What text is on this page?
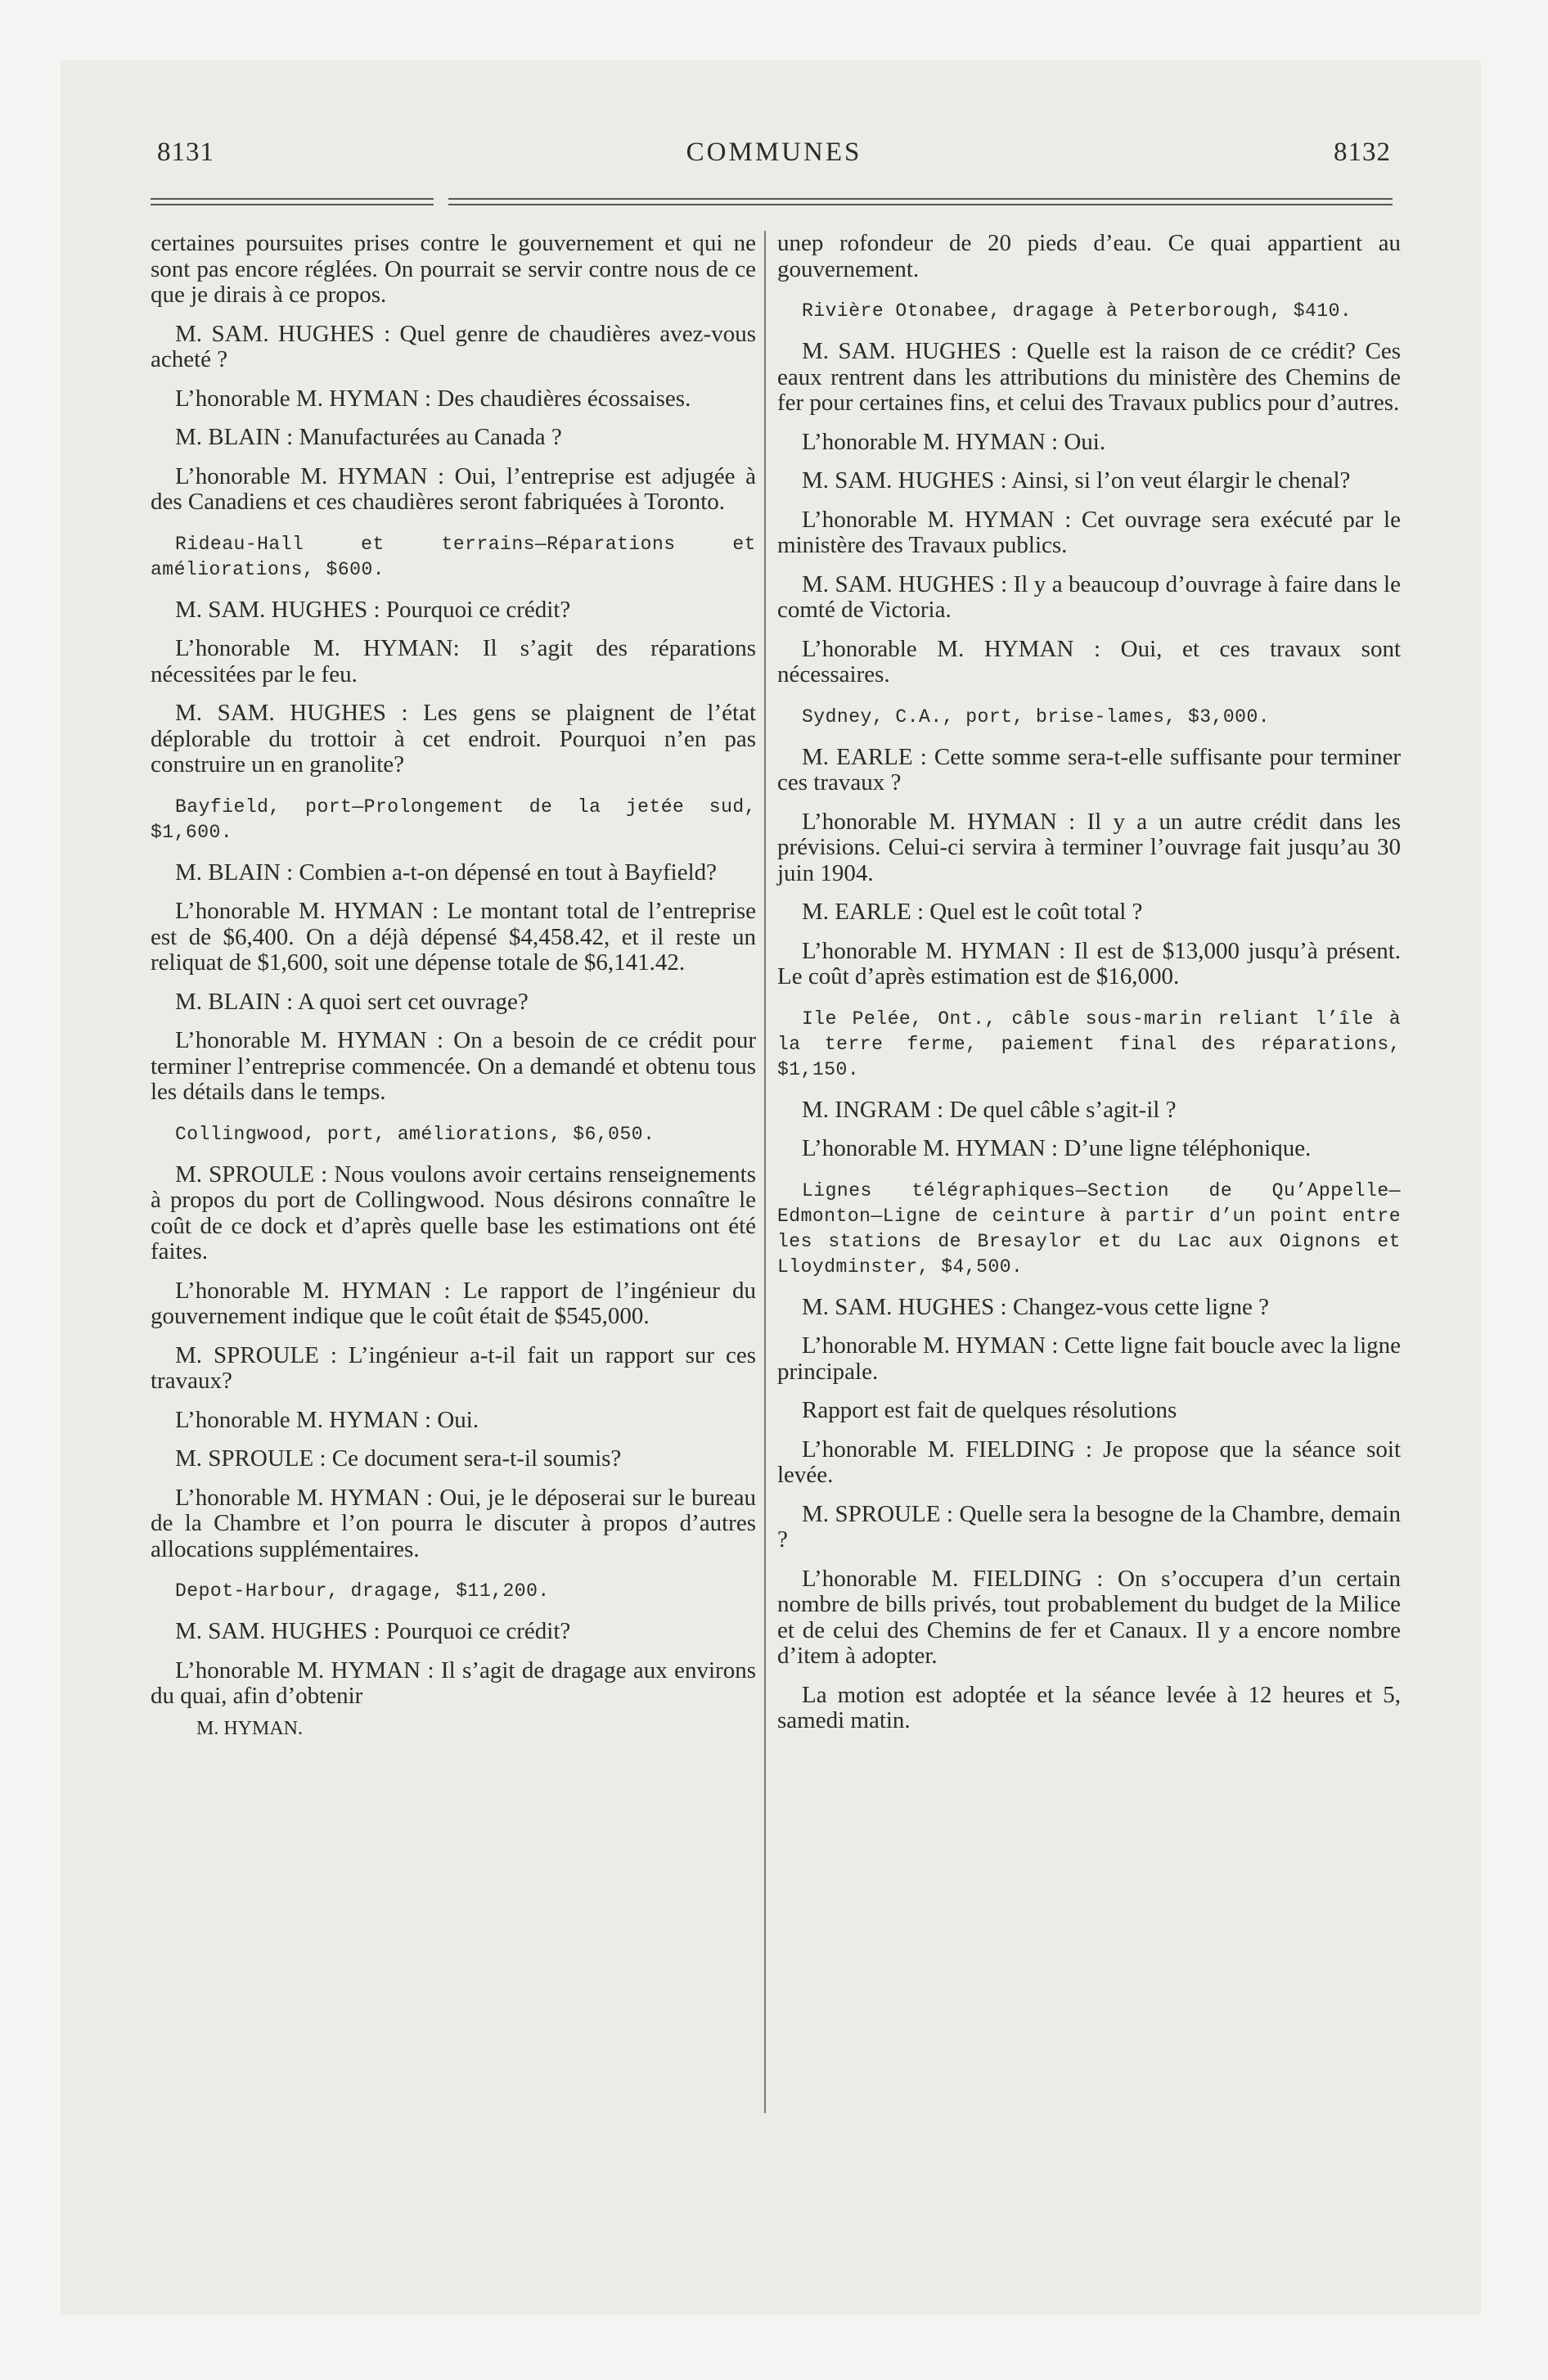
8131	COMMUNES	8132

certaines poursuites prises contre le gouvernement et qui ne sont pas encore réglées. On pourrait se servir contre nous de ce que je dirais à ce propos.

M. SAM. HUGHES : Quel genre de chaudières avez-vous acheté ?

L’honorable M. HYMAN : Des chaudières écossaises.

M. BLAIN : Manufacturées au Canada ?

L’honorable M. HYMAN : Oui, l’entreprise est adjugée à des Canadiens et ces chaudières seront fabriquées à Toronto.

Rideau-Hall et terrains—Réparations et améliorations, $600.

M. SAM. HUGHES : Pourquoi ce crédit?

L’honorable M. HYMAN: Il s’agit des réparations nécessitées par le feu.

M. SAM. HUGHES : Les gens se plaignent de l’état déplorable du trottoir à cet endroit. Pourquoi n’en pas construire un en granolite?

Bayfield, port—Prolongement de la jetée sud, $1,600.

M. BLAIN : Combien a-t-on dépensé en tout à Bayfield?

L’honorable M. HYMAN : Le montant total de l’entreprise est de $6,400. On a déjà dépensé $4,458.42, et il reste un reliquat de $1,600, soit une dépense totale de $6,141.42.

M. BLAIN : A quoi sert cet ouvrage?

L’honorable M. HYMAN : On a besoin de ce crédit pour terminer l’entreprise commencée. On a demandé et obtenu tous les détails dans le temps.

Collingwood, port, améliorations, $6,050.

M. SPROULE : Nous voulons avoir certains renseignements à propos du port de Collingwood. Nous désirons connaître le coût de ce dock et d’après quelle base les estimations ont été faites.

L’honorable M. HYMAN : Le rapport de l’ingénieur du gouvernement indique que le coût était de $545,000.

M. SPROULE : L’ingénieur a-t-il fait un rapport sur ces travaux?

L’honorable M. HYMAN : Oui.

M. SPROULE : Ce document sera-t-il soumis?

L’honorable M. HYMAN : Oui, je le déposerai sur le bureau de la Chambre et l’on pourra le discuter à propos d’autres allocations supplémentaires.

Depot-Harbour, dragage, $11,200.

M. SAM. HUGHES : Pourquoi ce crédit?

L’honorable M. HYMAN : Il s’agit de dragage aux environs du quai, afin d’obtenir

M. HYMAN.

unep rofondeur de 20 pieds d’eau. Ce quai appartient au gouvernement.

Rivière Otonabee, dragage à Peterborough, $410.

M. SAM. HUGHES : Quelle est la raison de ce crédit? Ces eaux rentrent dans les attributions du ministère des Chemins de fer pour certaines fins, et celui des Travaux publics pour d’autres.

L’honorable M. HYMAN : Oui.

M. SAM. HUGHES : Ainsi, si l’on veut élargir le chenal?

L’honorable M. HYMAN : Cet ouvrage sera exécuté par le ministère des Travaux publics.

M. SAM. HUGHES : Il y a beaucoup d’ouvrage à faire dans le comté de Victoria.

L’honorable M. HYMAN : Oui, et ces travaux sont nécessaires.

Sydney, C.A., port, brise-lames, $3,000.

M. EARLE : Cette somme sera-t-elle suffisante pour terminer ces travaux ?

L’honorable M. HYMAN : Il y a un autre crédit dans les prévisions. Celui-ci servira à terminer l’ouvrage fait jusqu’au 30 juin 1904.

M. EARLE : Quel est le coût total ?

L’honorable M. HYMAN : Il est de $13,000 jusqu’à présent. Le coût d’après estimation est de $16,000.

Ile Pelée, Ont., câble sous-marin reliant l’île à la terre ferme, paiement final des réparations, $1,150.

M. INGRAM : De quel câble s’agit-il ?

L’honorable M. HYMAN : D’une ligne téléphonique.

Lignes télégraphiques—Section de Qu’Appelle—Edmonton—Ligne de ceinture à partir d’un point entre les stations de Bresaylor et du Lac aux Oignons et Lloydminster, $4,500.

M. SAM. HUGHES : Changez-vous cette ligne ?

L’honorable M. HYMAN : Cette ligne fait boucle avec la ligne principale.

Rapport est fait de quelques résolutions

L’honorable M. FIELDING : Je propose que la séance soit levée.

M. SPROULE : Quelle sera la besogne de la Chambre, demain ?

L’honorable M. FIELDING : On s’occupera d’un certain nombre de bills privés, tout probablement du budget de la Milice et de celui des Chemins de fer et Canaux. Il y a encore nombre d’item à adopter.

La motion est adoptée et la séance levée à 12 heures et 5, samedi matin.
